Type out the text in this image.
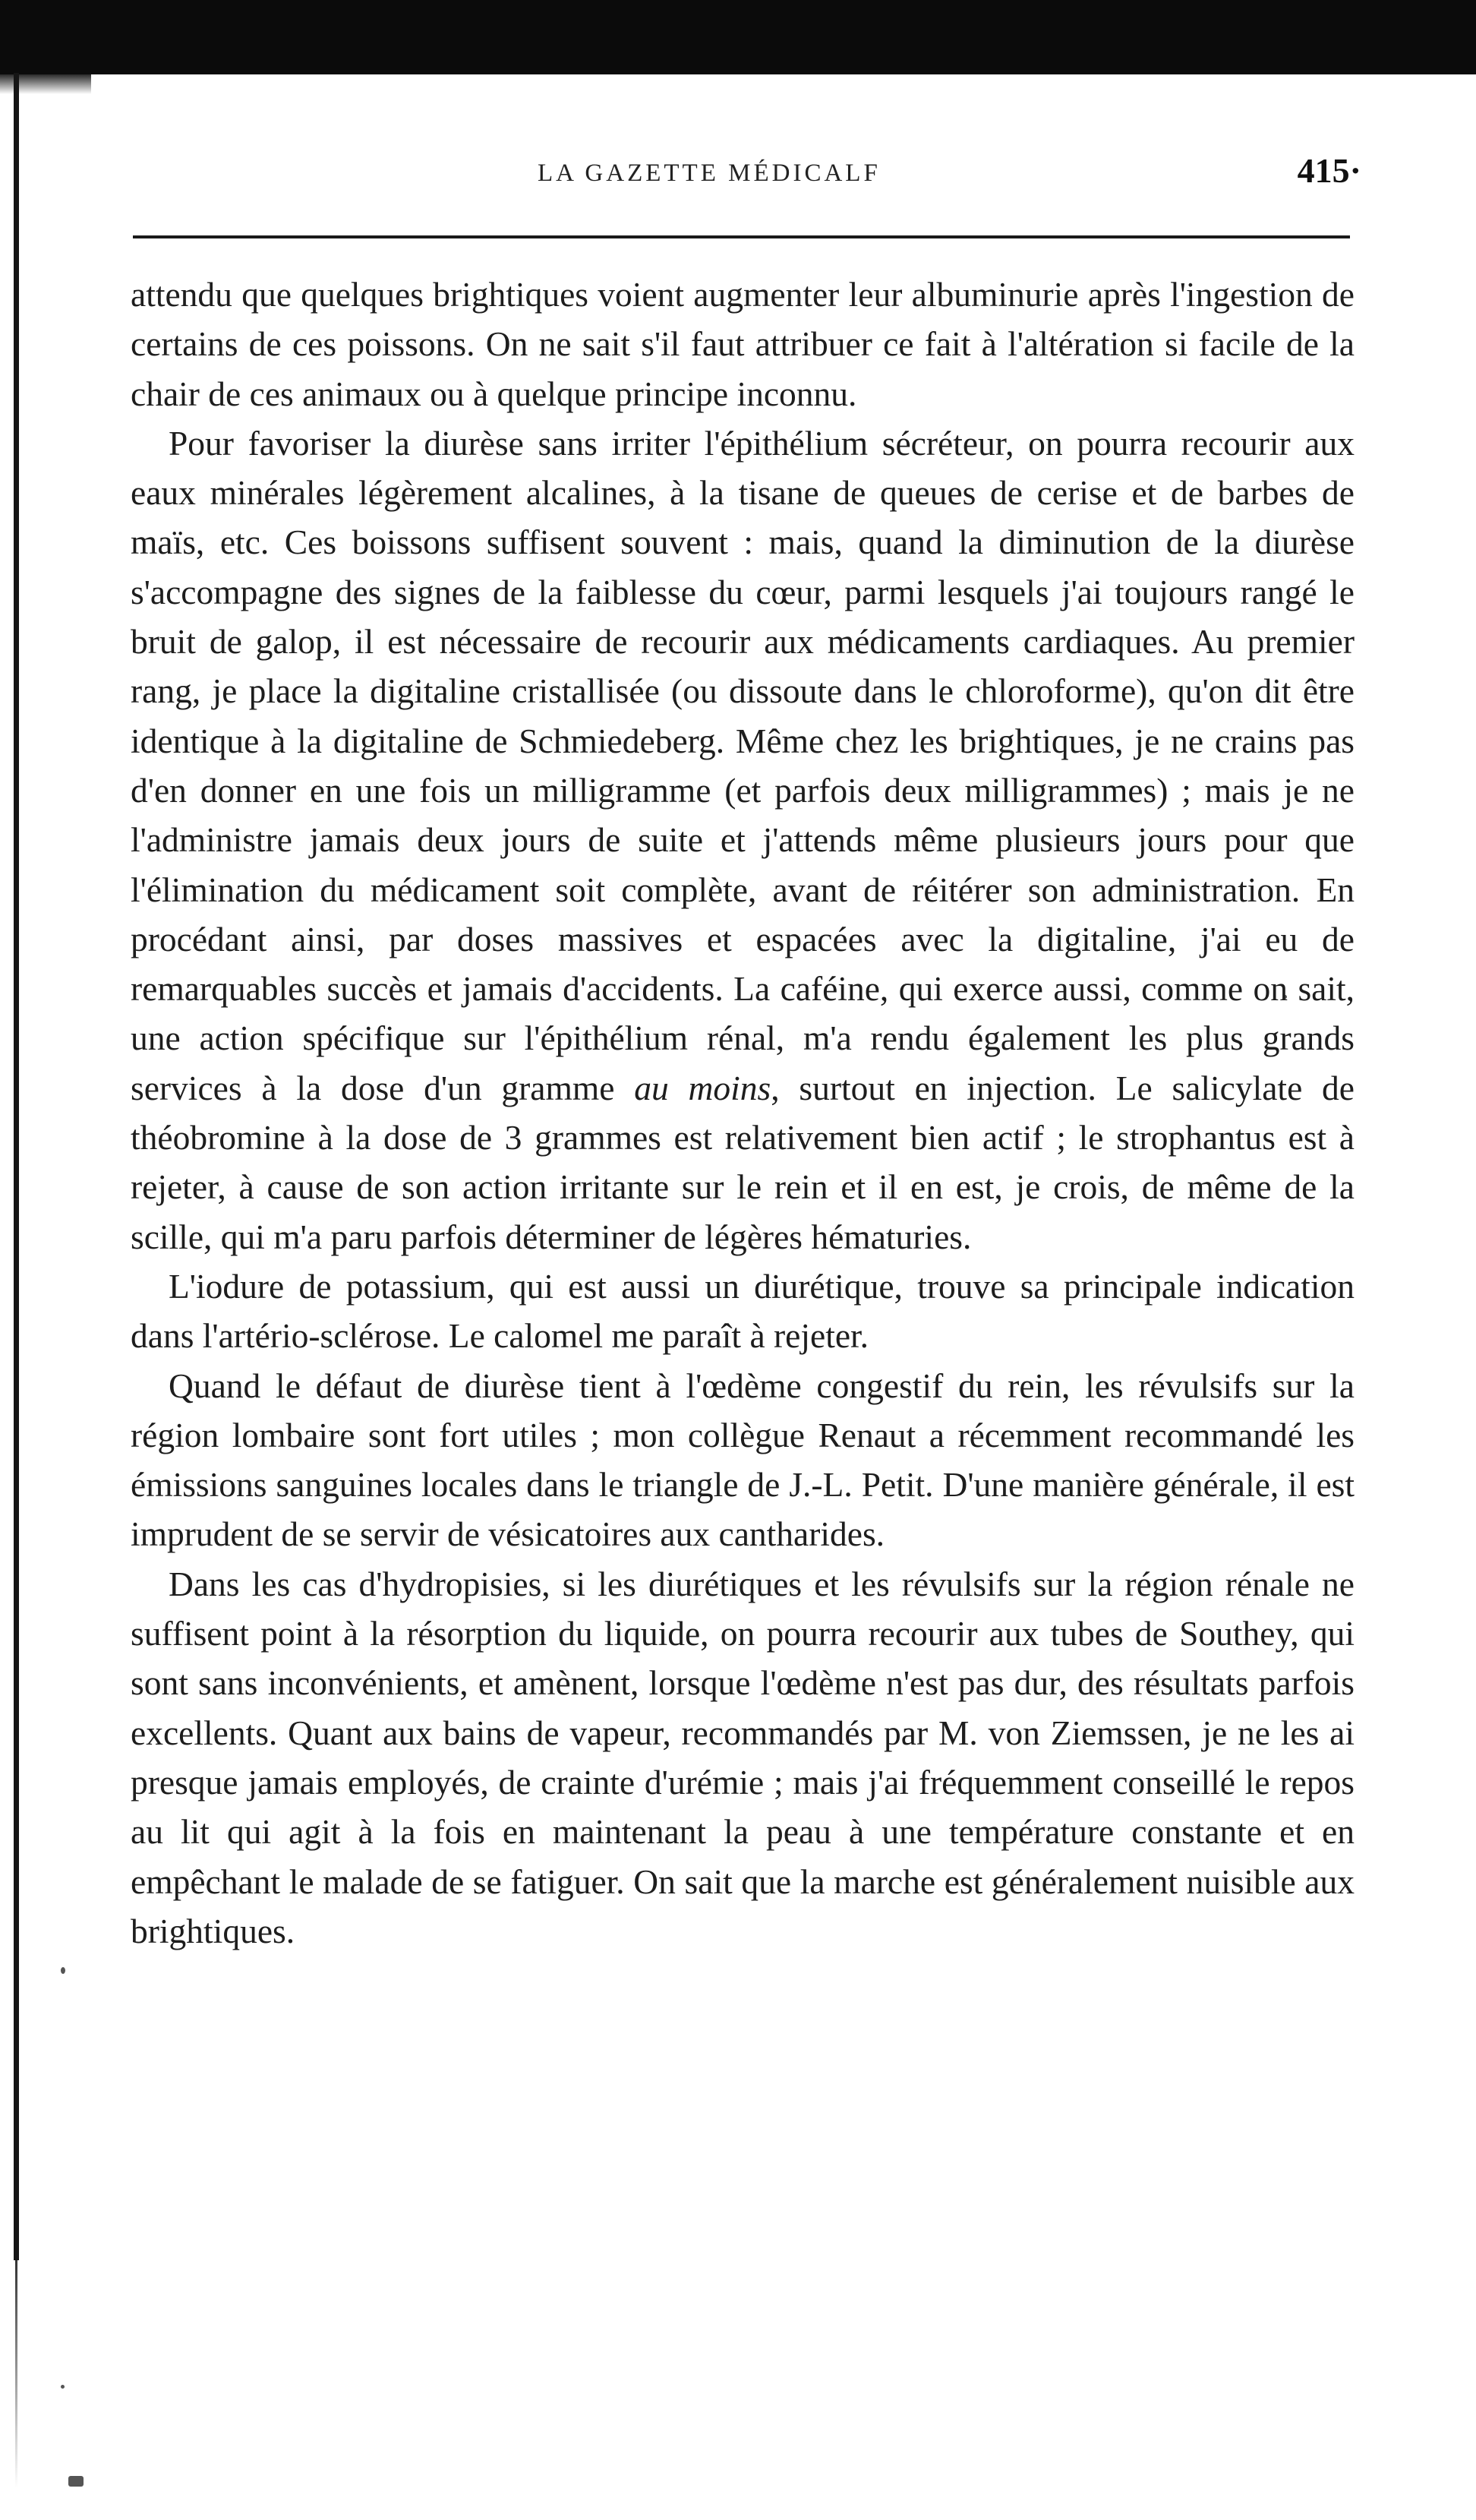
LA GAZETTE MÉDICALF	415·

attendu que quelques brightiques voient augmenter leur albuminurie après l'ingestion de certains de ces poissons. On ne sait s'il faut attribuer ce fait à l'altération si facile de la chair de ces animaux ou à quelque principe inconnu.

Pour favoriser la diurèse sans irriter l'épithélium sécréteur, on pourra recourir aux eaux minérales légèrement alcalines, à la tisane de queues de cerise et de barbes de maïs, etc. Ces boissons suffisent souvent : mais, quand la diminution de la diurèse s'accompagne des signes de la faiblesse du cœur, parmi lesquels j'ai toujours rangé le bruit de galop, il est nécessaire de recourir aux médicaments cardiaques. Au premier rang, je place la digitaline cristallisée (ou dissoute dans le chloroforme), qu'on dit être identique à la digitaline de Schmiedeberg. Même chez les brightiques, je ne crains pas d'en donner en une fois un milligramme (et parfois deux milligrammes) ; mais je ne l'administre jamais deux jours de suite et j'attends même plusieurs jours pour que l'élimination du médicament soit complète, avant de réitérer son administration. En procédant ainsi, par doses massives et espacées avec la digitaline, j'ai eu de remarquables succès et jamais d'accidents. La caféine, qui exerce aussi, comme on sait, une action spécifique sur l'épithélium rénal, m'a rendu également les plus grands services à la dose d'un gramme au moins, surtout en injection. Le salicylate de théobromine à la dose de 3 grammes est relativement bien actif ; le strophantus est à rejeter, à cause de son action irritante sur le rein et il en est, je crois, de même de la scille, qui m'a paru parfois déterminer de légères hématuries.

L'iodure de potassium, qui est aussi un diurétique, trouve sa principale indication dans l'artério-sclérose. Le calomel me paraît à rejeter.

Quand le défaut de diurèse tient à l'œdème congestif du rein, les révulsifs sur la région lombaire sont fort utiles ; mon collègue Renaut a récemment recommandé les émissions sanguines locales dans le triangle de J.-L. Petit. D'une manière générale, il est imprudent de se servir de vésicatoires aux cantharides.

Dans les cas d'hydropisies, si les diurétiques et les révulsifs sur la région rénale ne suffisent point à la résorption du liquide, on pourra recourir aux tubes de Southey, qui sont sans inconvénients, et amènent, lorsque l'œdème n'est pas dur, des résultats parfois excellents. Quant aux bains de vapeur, recommandés par M. von Ziemssen, je ne les ai presque jamais employés, de crainte d'urémie ; mais j'ai fréquemment conseillé le repos au lit qui agit à la fois en maintenant la peau à une température constante et en empêchant le malade de se fatiguer. On sait que la marche est généralement nuisible aux brightiques.
